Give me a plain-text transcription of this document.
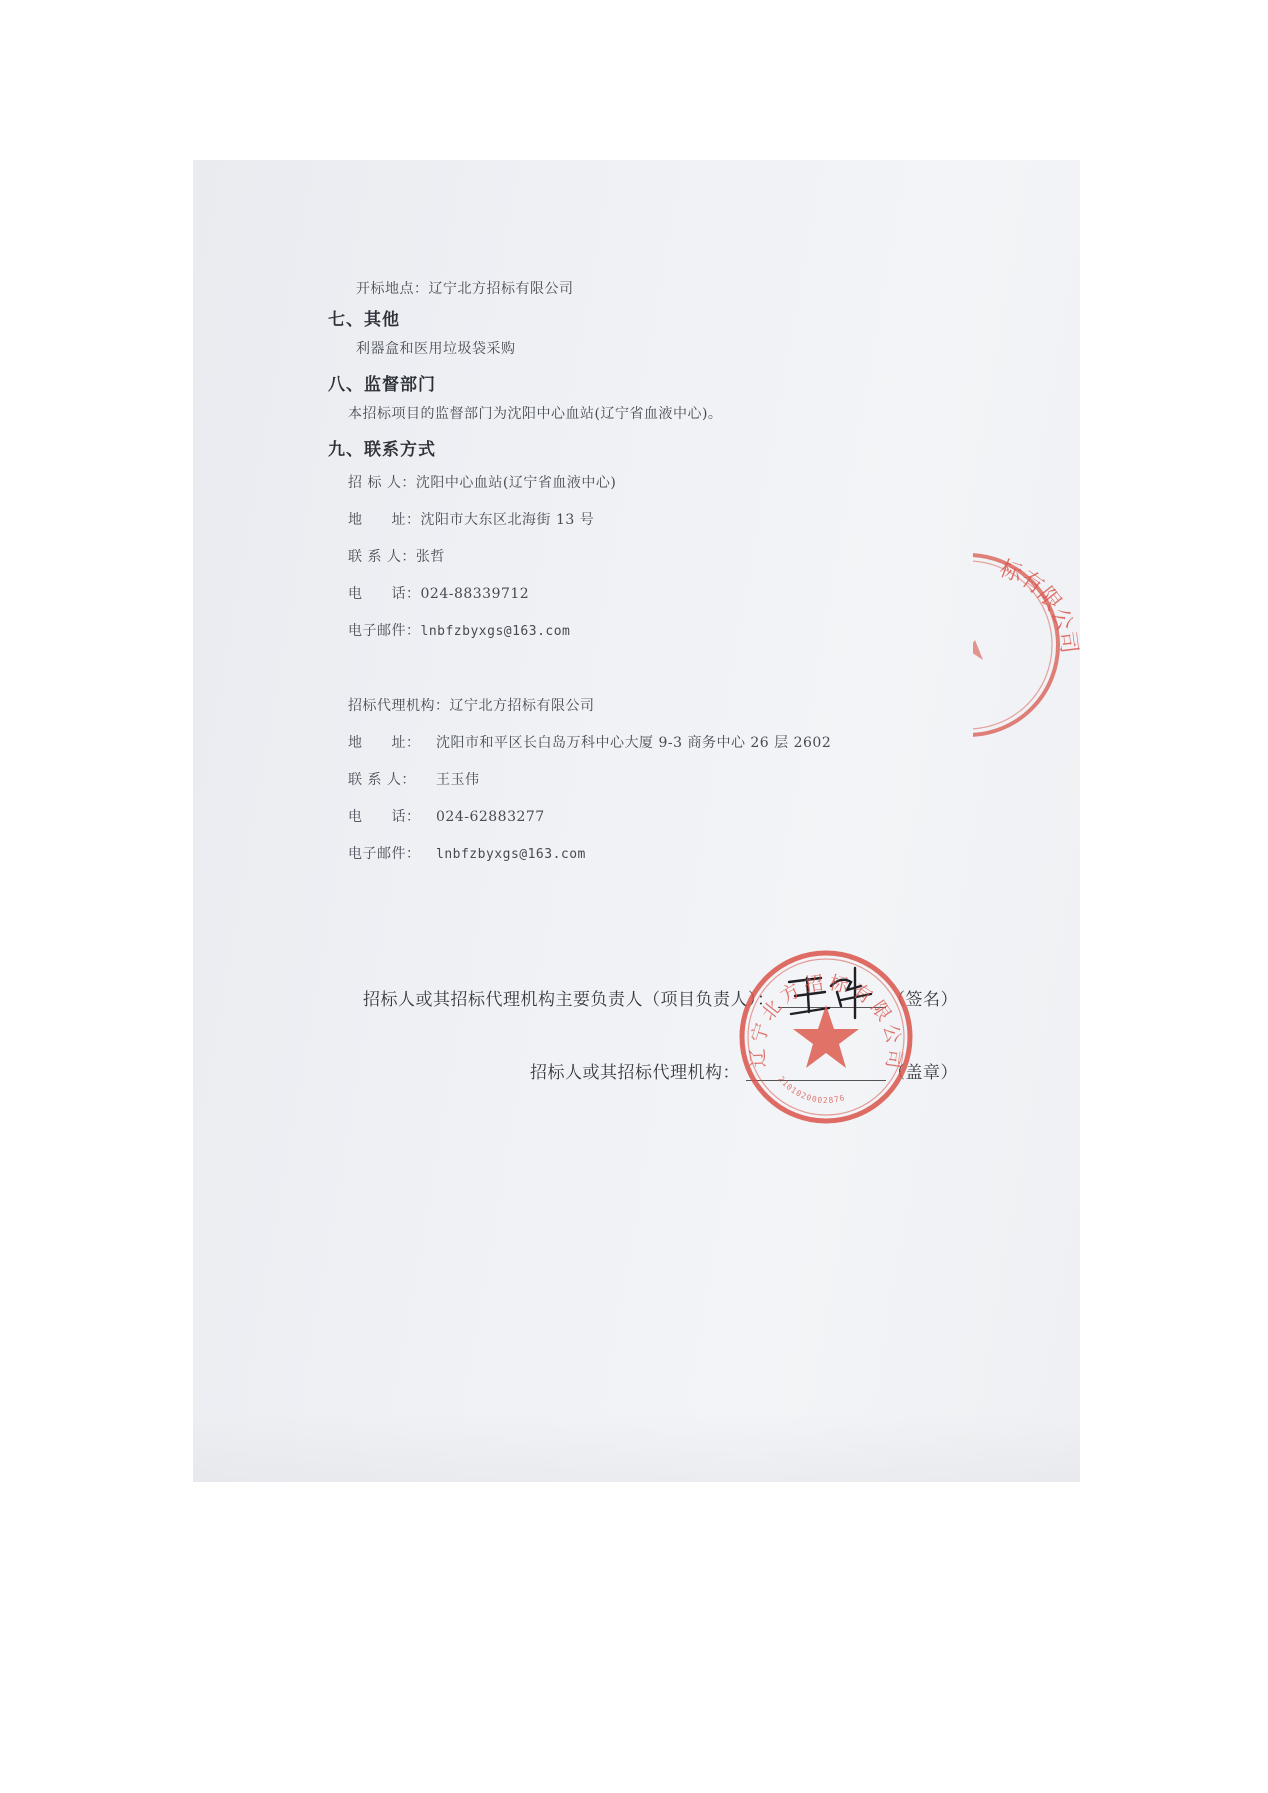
开标地点：辽宁北方招标有限公司
七、其他
利器盒和医用垃圾袋采购
八、监督部门
本招标项目的监督部门为沈阳中心血站(辽宁省血液中心)。
九、联系方式
招 标 人：沈阳中心血站(辽宁省血液中心)
地　　址：沈阳市大东区北海街 13 号
联 系 人：张哲
电　　话：024-88339712
电子邮件：lnbfzbyxgs@163.com
招标代理机构：辽宁北方招标有限公司
地　　址： 沈阳市和平区长白岛万科中心大厦 9-3 商务中心 26 层 2602
联 系 人： 王玉伟
电　　话： 024-62883277
电子邮件： lnbfzbyxgs@163.com
标有限公司
招标人或其招标代理机构主要负责人（项目负责人）：	（签名）
招标人或其招标代理机构：	（盖章）
辽宁北方招标有限公司
2101020002876
